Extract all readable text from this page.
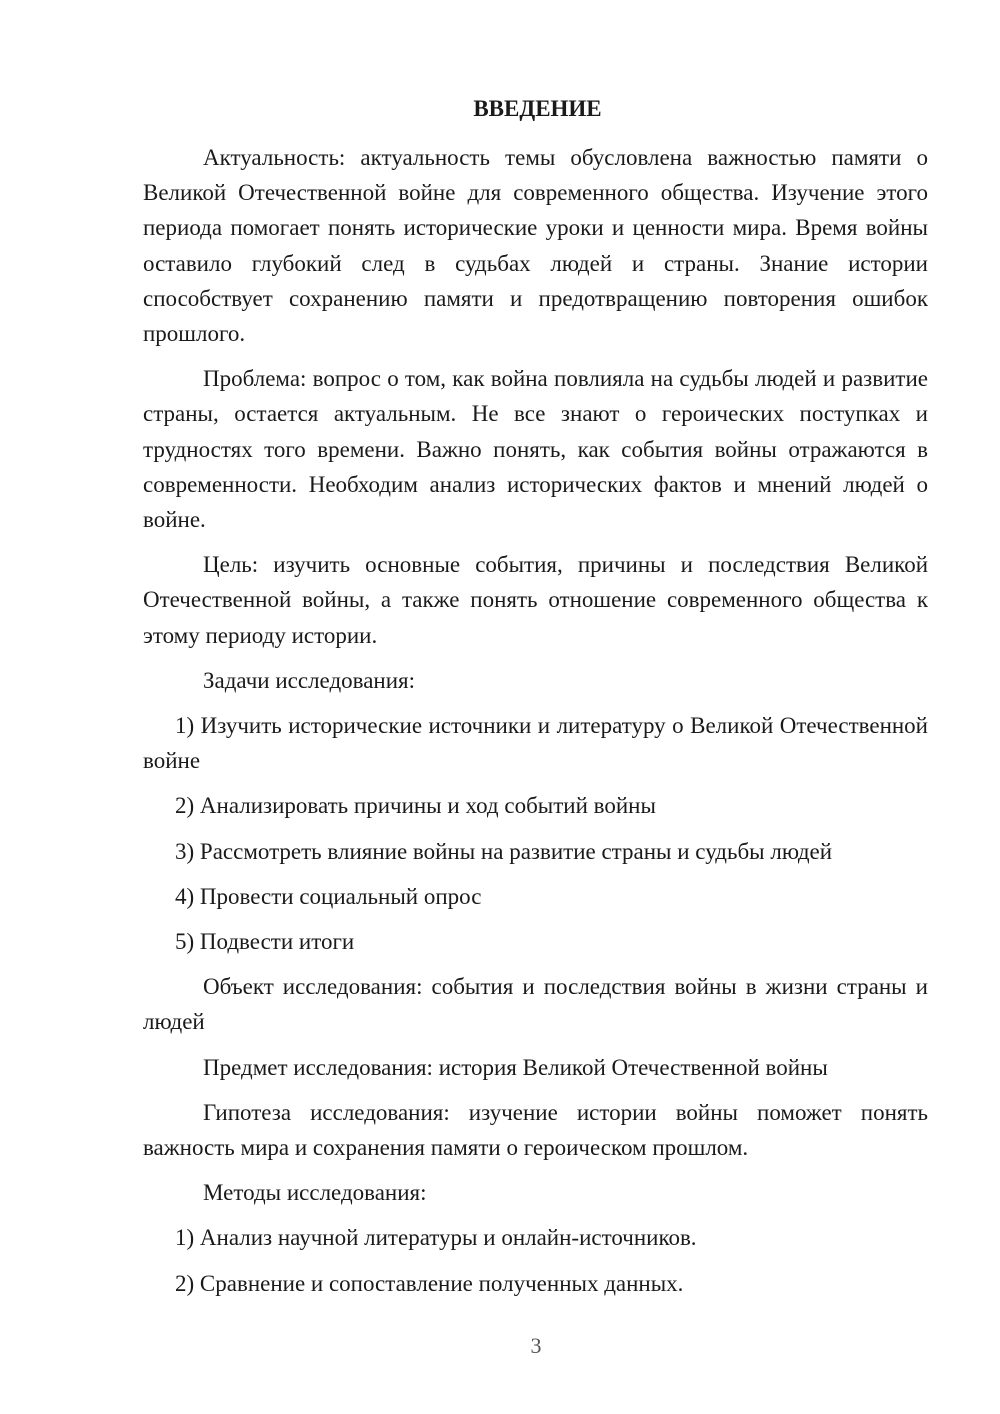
ВВЕДЕНИЕ

Актуальность: актуальность темы обусловлена важностью памяти о Великой Отечественной войне для современного общества. Изучение этого периода помогает понять исторические уроки и ценности мира. Время войны оставило глубокий след в судьбах людей и страны. Знание истории способствует сохранению памяти и предотвращению повторения ошибок прошлого.

Проблема: вопрос о том, как война повлияла на судьбы людей и развитие страны, остается актуальным. Не все знают о героических поступках и трудностях того времени. Важно понять, как события войны отражаются в современности. Необходим анализ исторических фактов и мнений людей о войне.

Цель: изучить основные события, причины и последствия Великой Отечественной войны, а также понять отношение современного общества к этому периоду истории.

Задачи исследования:

1) Изучить исторические источники и литературу о Великой Отечественной войне

2) Анализировать причины и ход событий войны

3) Рассмотреть влияние войны на развитие страны и судьбы людей

4) Провести социальный опрос

5) Подвести итоги

Объект исследования: события и последствия войны в жизни страны и людей

Предмет исследования: история Великой Отечественной войны

Гипотеза исследования: изучение истории войны поможет понять важность мира и сохранения памяти о героическом прошлом.

Методы исследования:

1) Анализ научной литературы и онлайн-источников.

2) Сравнение и сопоставление полученных данных.

3
